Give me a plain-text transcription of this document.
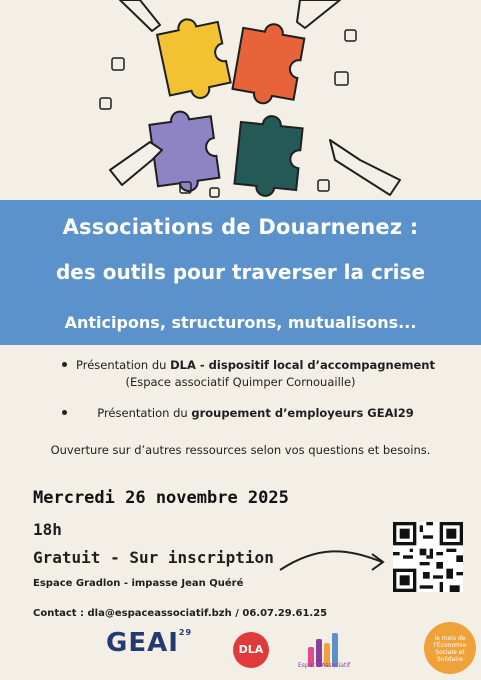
Associations de Douarnenez :
des outils pour traverser la crise
Anticipons, structurons, mutualisons...
Présentation du DLA - dispositif local d’accompagnement
(Espace associatif Quimper Cornouaille)
Présentation du groupement d’employeurs GEAI29
Ouverture sur d’autres ressources selon vos questions et besoins.
Mercredi 26 novembre 2025
18h
Gratuit - Sur inscription
Espace Gradlon - impasse Jean Quéré
Contact : dla@espaceassociatif.bzh / 06.07.29.61.25
GEAI$^{29}$
DLA
Espace Associatif
le mois de l'Économie Sociale et Solidaire
